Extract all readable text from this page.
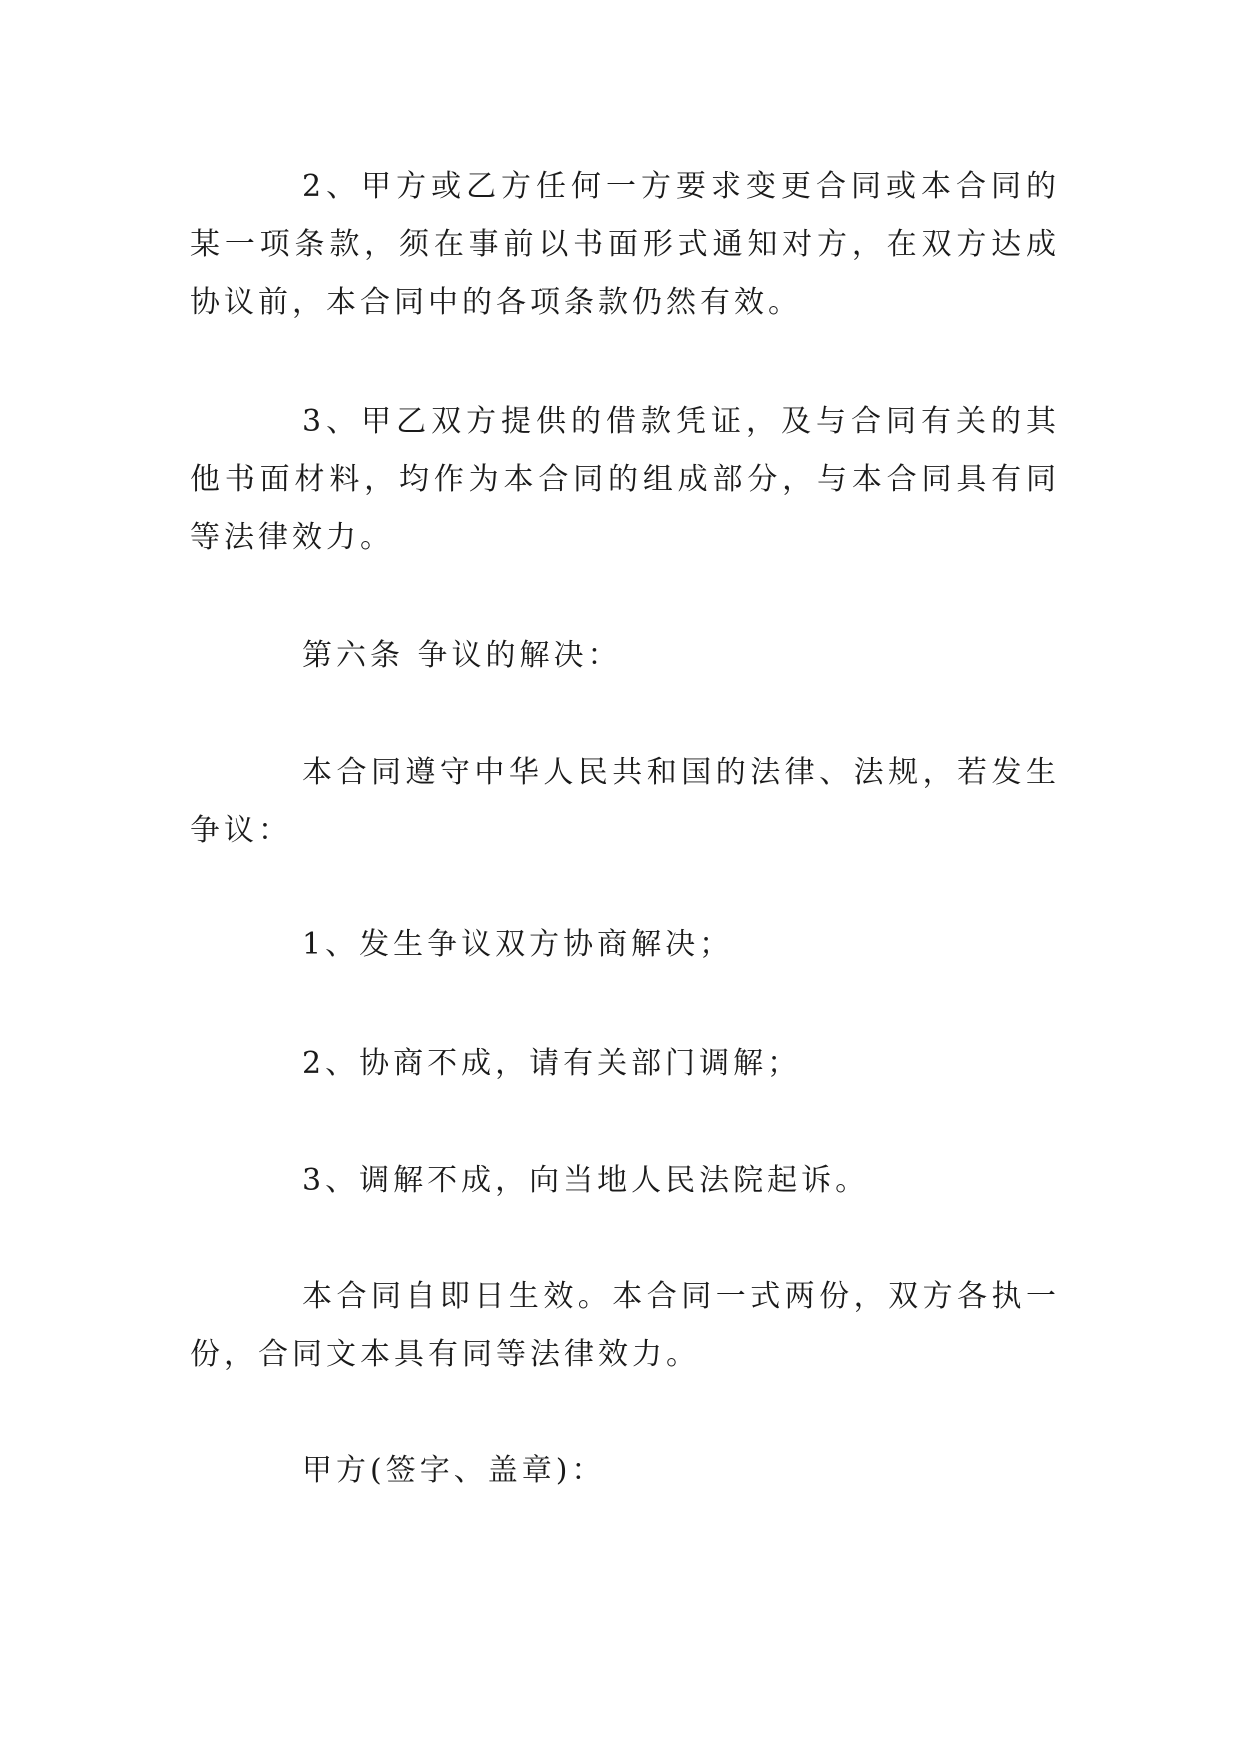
2、甲方或乙方任何一方要求变更合同或本合同的某一项条款，须在事前以书面形式通知对方，在双方达成协议前，本合同中的各项条款仍然有效。

3、甲乙双方提供的借款凭证，及与合同有关的其他书面材料，均作为本合同的组成部分，与本合同具有同等法律效力。

第六条 争议的解决：

本合同遵守中华人民共和国的法律、法规，若发生争议：

1、发生争议双方协商解决；

2、协商不成，请有关部门调解；

3、调解不成，向当地人民法院起诉。

本合同自即日生效。本合同一式两份，双方各执一份，合同文本具有同等法律效力。

甲方(签字、盖章)：
